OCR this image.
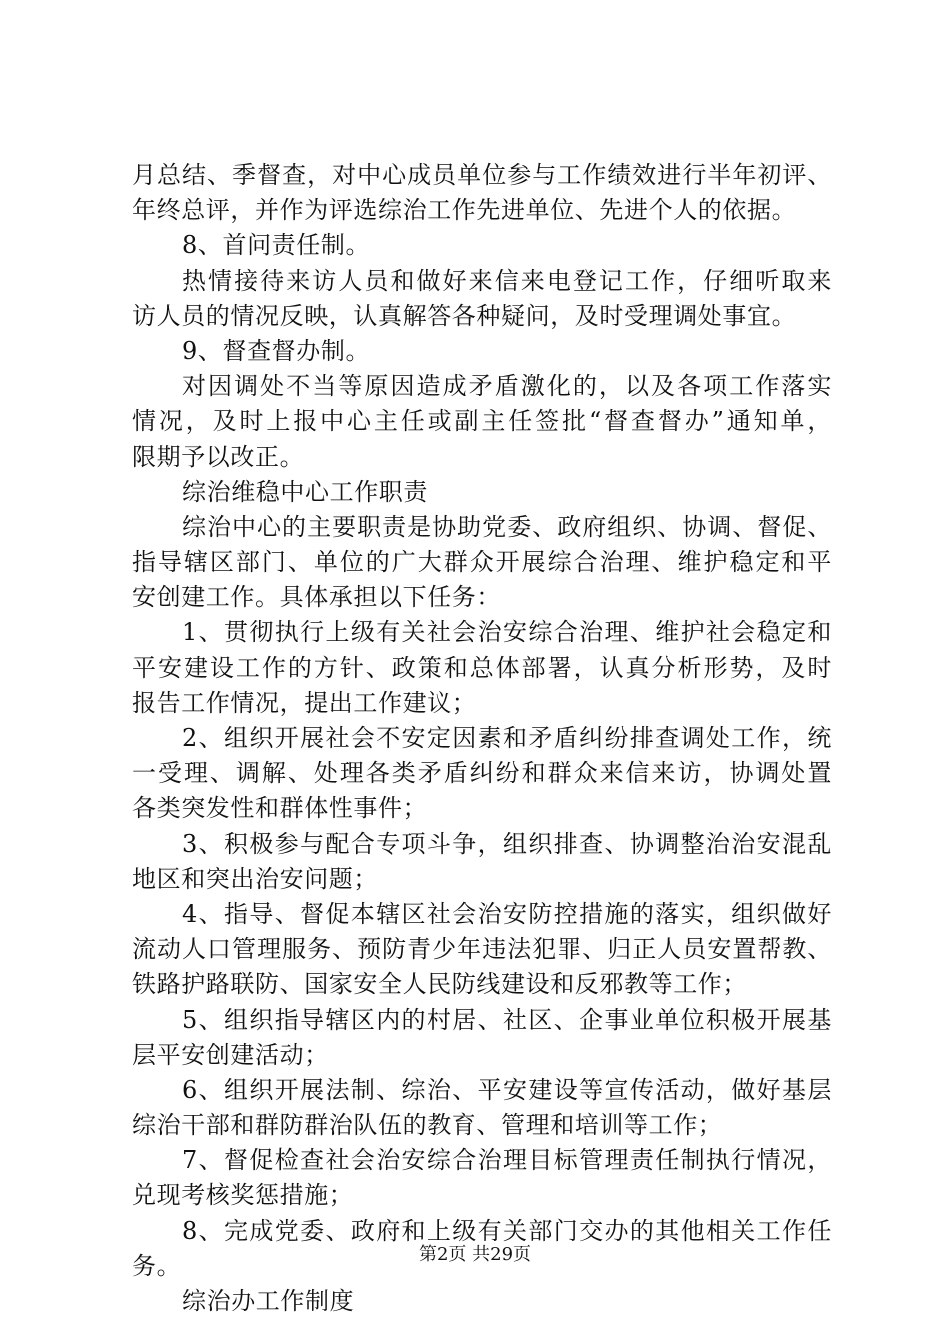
月总结、季督查，对中心成员单位参与工作绩效进行半年初评、
年终总评，并作为评选综治工作先进单位、先进个人的依据。
8、首问责任制。
热情接待来访人员和做好来信来电登记工作，仔细听取来
访人员的情况反映，认真解答各种疑问，及时受理调处事宜。
9、督查督办制。
对因调处不当等原因造成矛盾激化的，以及各项工作落实
情况，及时上报中心主任或副主任签批“督查督办”通知单，
限期予以改正。
综治维稳中心工作职责
综治中心的主要职责是协助党委、政府组织、协调、督促、
指导辖区部门、单位的广大群众开展综合治理、维护稳定和平
安创建工作。具体承担以下任务：
1、贯彻执行上级有关社会治安综合治理、维护社会稳定和
平安建设工作的方针、政策和总体部署，认真分析形势，及时
报告工作情况，提出工作建议；
2、组织开展社会不安定因素和矛盾纠纷排查调处工作，统
一受理、调解、处理各类矛盾纠纷和群众来信来访，协调处置
各类突发性和群体性事件；
3、积极参与配合专项斗争，组织排查、协调整治治安混乱
地区和突出治安问题；
4、指导、督促本辖区社会治安防控措施的落实，组织做好
流动人口管理服务、预防青少年违法犯罪、归正人员安置帮教、
铁路护路联防、国家安全人民防线建设和反邪教等工作；
5、组织指导辖区内的村居、社区、企事业单位积极开展基
层平安创建活动；
6、组织开展法制、综治、平安建设等宣传活动，做好基层
综治干部和群防群治队伍的教育、管理和培训等工作；
7、督促检查社会治安综合治理目标管理责任制执行情况，
兑现考核奖惩措施；
8、完成党委、政府和上级有关部门交办的其他相关工作任
务。
综治办工作制度
第2页 共29页
